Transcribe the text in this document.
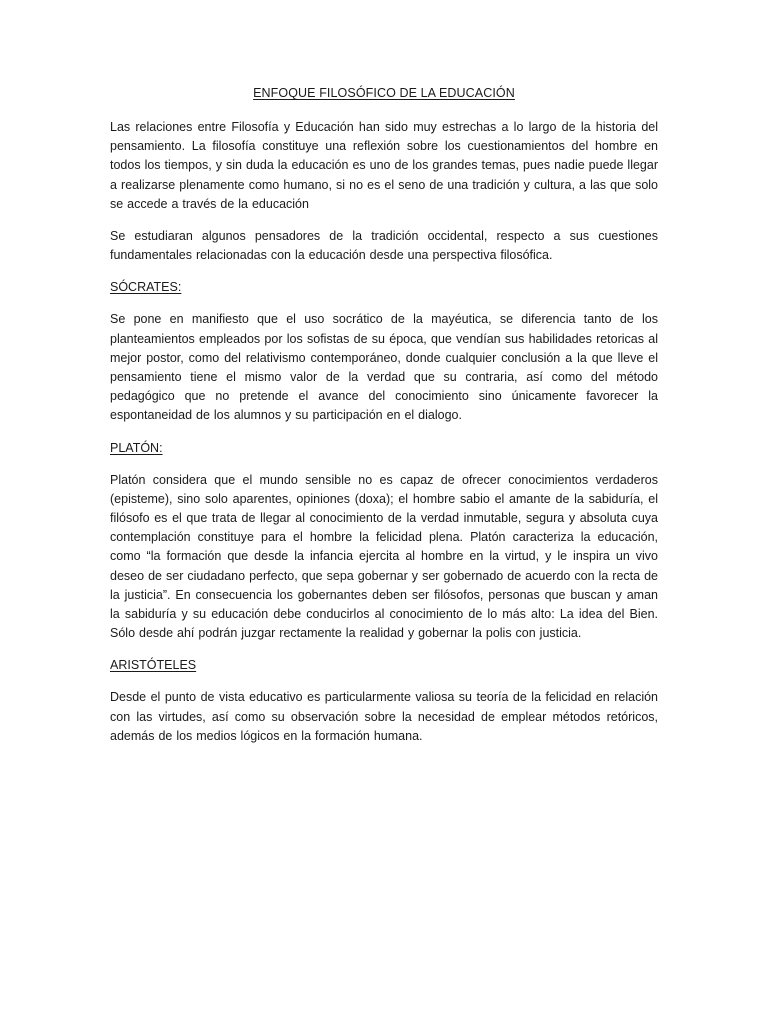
ENFOQUE FILOSÓFICO DE LA EDUCACIÓN

Las relaciones entre Filosofía y Educación han sido muy estrechas a lo largo de la historia del pensamiento. La filosofía constituye una reflexión sobre los cuestionamientos del hombre en todos los tiempos, y sin duda la educación es uno de los grandes temas, pues nadie puede llegar a realizarse plenamente como humano, si no es el seno de una tradición y cultura, a las que solo se accede a través de la educación

Se estudiaran algunos pensadores de la tradición occidental, respecto a sus cuestiones fundamentales relacionadas con la educación desde una perspectiva filosófica.

SÓCRATES:

Se pone en manifiesto que el uso socrático de la mayéutica, se diferencia tanto de los planteamientos empleados por los sofistas de su época, que vendían sus habilidades retoricas al mejor postor, como del relativismo contemporáneo, donde cualquier conclusión a la que lleve el pensamiento tiene el mismo valor de la verdad que su contraria, así como del método pedagógico que no pretende el avance del conocimiento sino únicamente favorecer la espontaneidad de los alumnos y su participación en el dialogo.

PLATÓN:

Platón considera que el mundo sensible no es capaz de ofrecer conocimientos verdaderos (episteme), sino solo aparentes, opiniones (doxa); el hombre sabio el amante de la sabiduría, el filósofo es el que trata de llegar al conocimiento de la verdad inmutable, segura y absoluta cuya contemplación constituye para el hombre la felicidad plena. Platón caracteriza la educación, como “la formación que desde la infancia ejercita al hombre en la virtud, y le inspira un vivo deseo de ser ciudadano perfecto, que sepa gobernar y ser gobernado de acuerdo con la recta de la justicia”. En consecuencia los gobernantes deben ser filósofos, personas que buscan y aman la sabiduría y su educación debe conducirlos al conocimiento de lo más alto: La idea del Bien. Sólo desde ahí podrán juzgar rectamente la realidad y gobernar la polis con justicia.

ARISTÓTELES

Desde el punto de vista educativo es particularmente valiosa su teoría de la felicidad en relación con las virtudes, así como su observación sobre la necesidad de emplear métodos retóricos, además de los medios lógicos en la formación humana.
